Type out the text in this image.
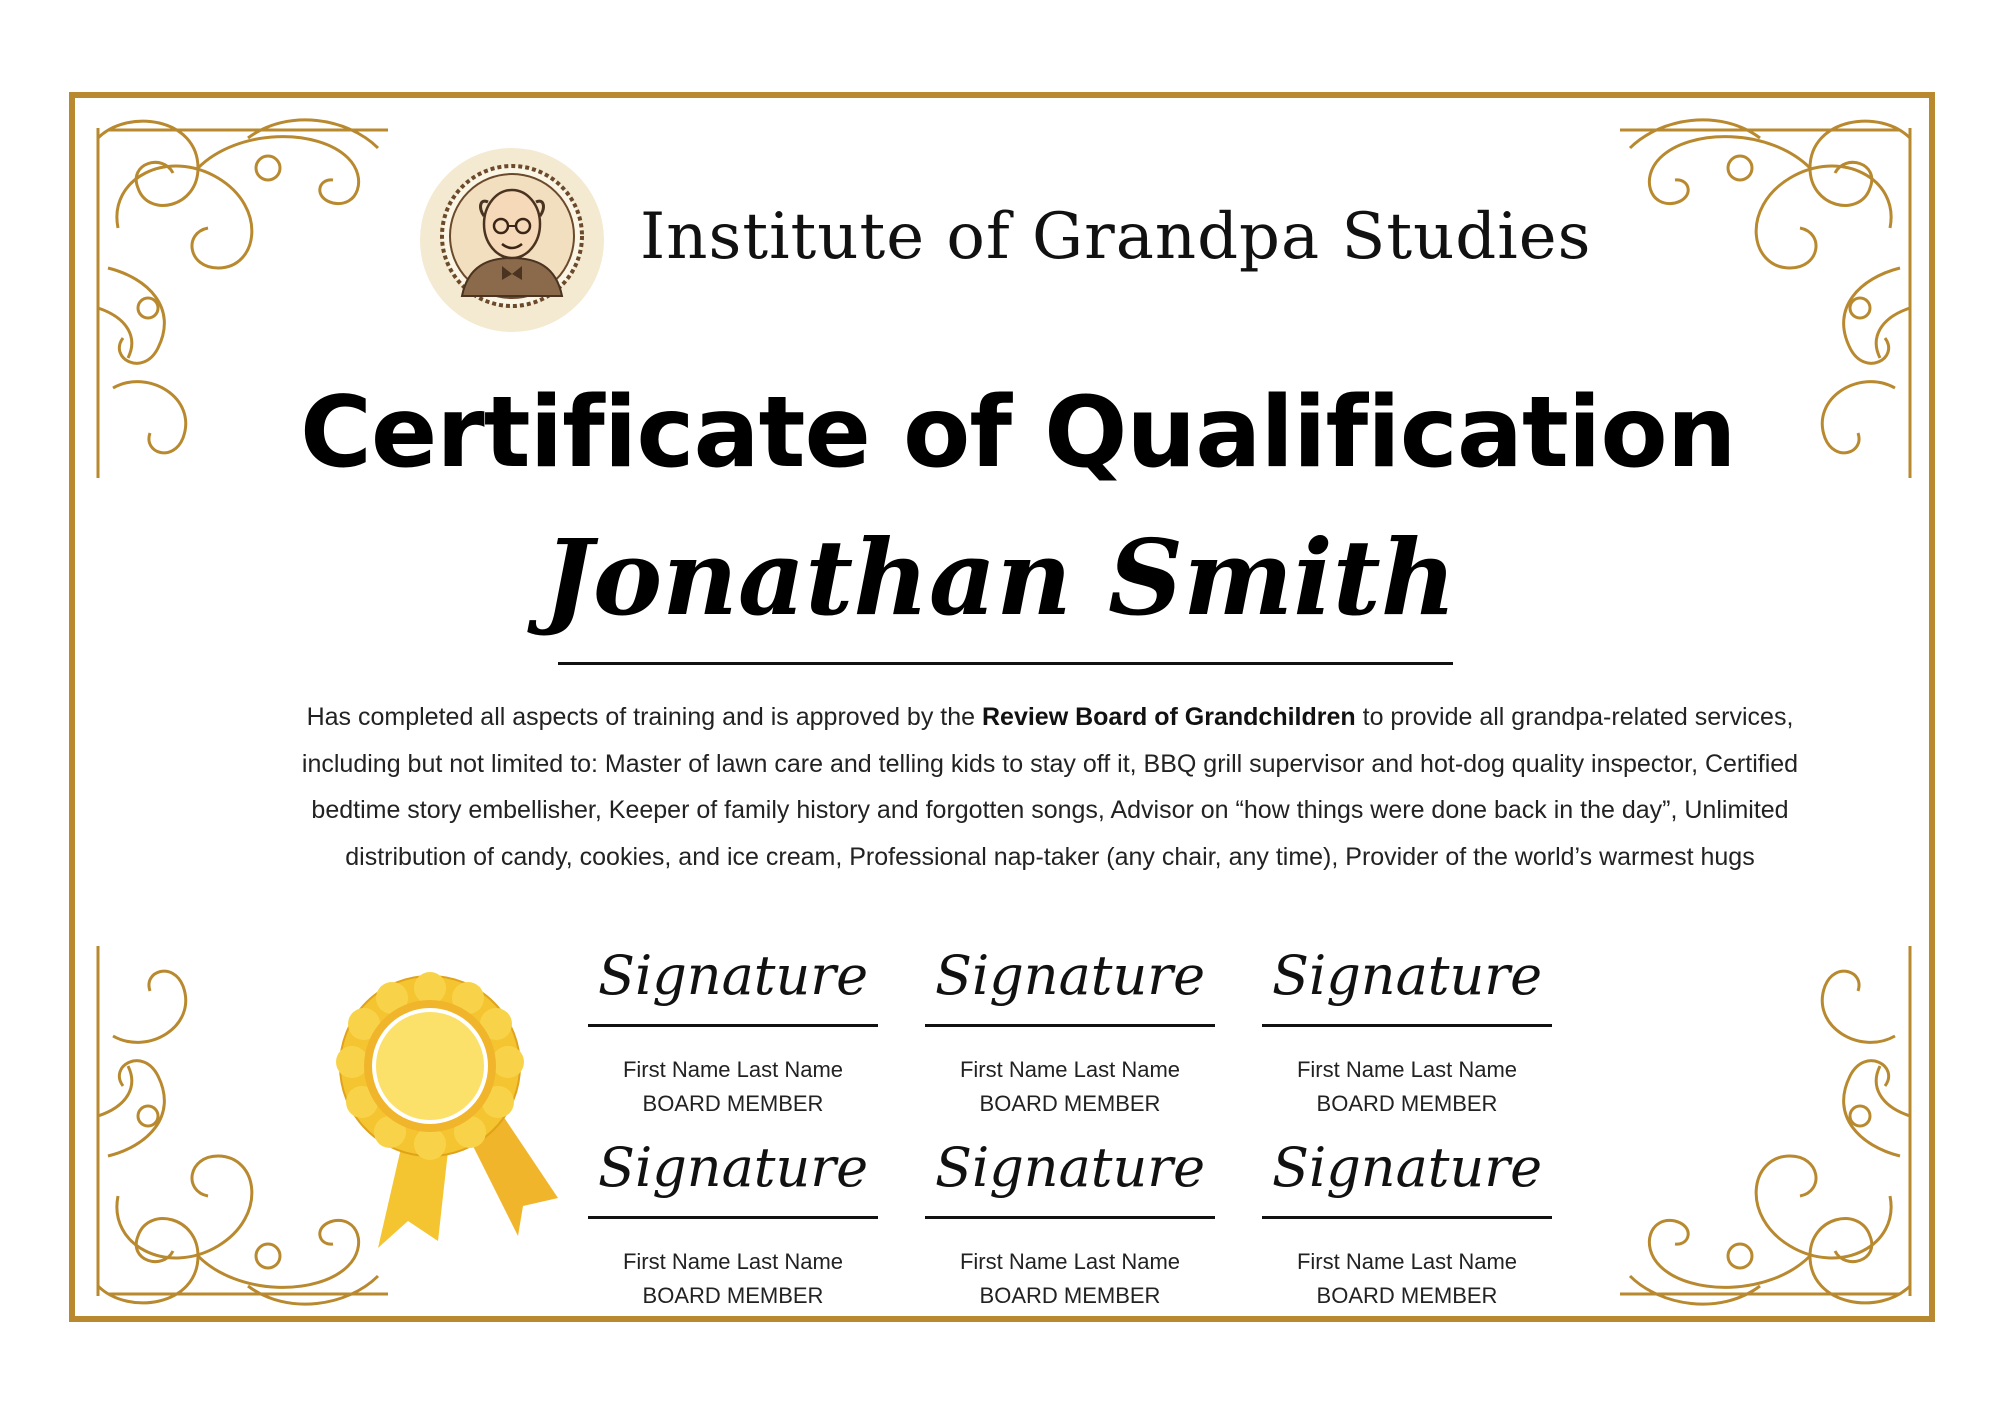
Institute of Grandpa Studies
Certificate of Qualification
Jonathan Smith
Has completed all aspects of training and is approved by the Review Board of Grandchildren to provide all grandpa-related services, including but not limited to: Master of lawn care and telling kids to stay off it, BBQ grill supervisor and hot-dog quality inspector, Certified bedtime story embellisher, Keeper of family history and forgotten songs, Advisor on “how things were done back in the day”, Unlimited distribution of candy, cookies, and ice cream, Professional nap-taker (any chair, any time), Provider of the world’s warmest hugs
Signature
First Name Last Name
BOARD MEMBER
Signature
First Name Last Name
BOARD MEMBER
Signature
First Name Last Name
BOARD MEMBER
Signature
First Name Last Name
BOARD MEMBER
Signature
First Name Last Name
BOARD MEMBER
Signature
First Name Last Name
BOARD MEMBER
